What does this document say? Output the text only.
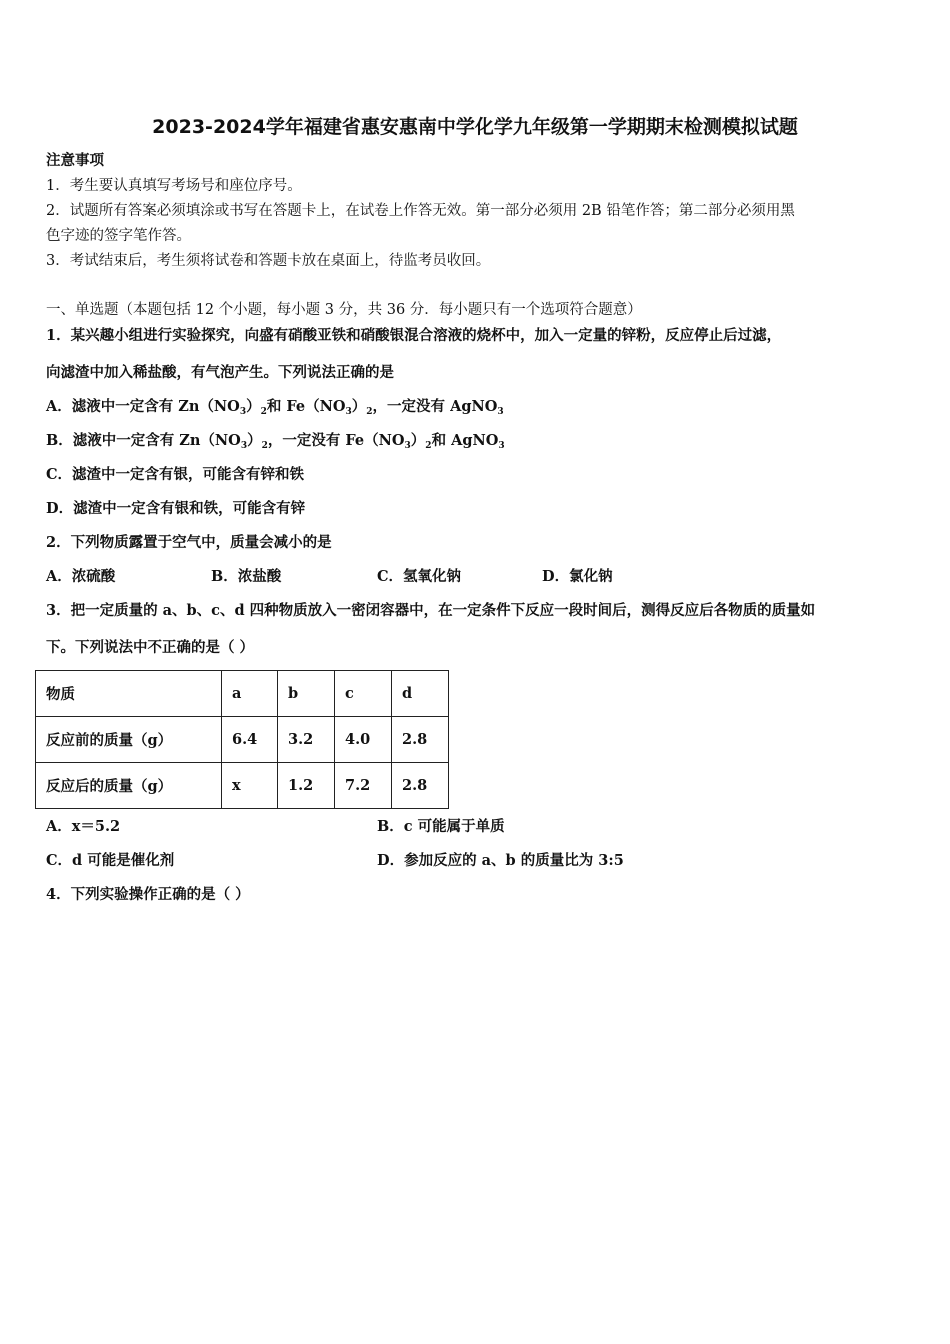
2023-2024学年福建省惠安惠南中学化学九年级第一学期期末检测模拟试题
注意事项
1．考生要认真填写考场号和座位序号。
2．试题所有答案必须填涂或书写在答题卡上，在试卷上作答无效。第一部分必须用 2B 铅笔作答；第二部分必须用黑
色字迹的签字笔作答。
3．考试结束后，考生须将试卷和答题卡放在桌面上，待监考员收回。
一、单选题（本题包括 12 个小题，每小题 3 分，共 36 分．每小题只有一个选项符合题意）
1．某兴趣小组进行实验探究，向盛有硝酸亚铁和硝酸银混合溶液的烧杯中，加入一定量的锌粉，反应停止后过滤，
向滤渣中加入稀盐酸，有气泡产生。下列说法正确的是
A．滤液中一定含有 $Zn(NO_3)_2$和 $Fe(NO_3)_2$，一定没有 AgNO$_3$
B．滤液中一定含有 $Zn(NO_3)_2$，一定没有 $Fe(NO_3)_2$和 AgNO$_3$
C．滤渣中一定含有银，可能含有锌和铁
D．滤渣中一定含有银和铁，可能含有锌
2．下列物质露置于空气中，质量会减小的是
A．浓硫酸	B．浓盐酸	C．氢氧化钠	D．氯化钠
3．把一定质量的 a、b、c、d 四种物质放入一密闭容器中，在一定条件下反应一段时间后，测得反应后各物质的质量如
下。下列说法中不正确的是（ ）
物质	a	b	c	d
反应前的质量（g）	6.4	3.2	4.0	2.8
反应后的质量（g）	x	1.2	7.2	2.8
A．x＝5.2	B．c 可能属于单质
C．d 可能是催化剂	D．参加反应的 a、b 的质量比为 3:5
4．下列实验操作正确的是（ ）
